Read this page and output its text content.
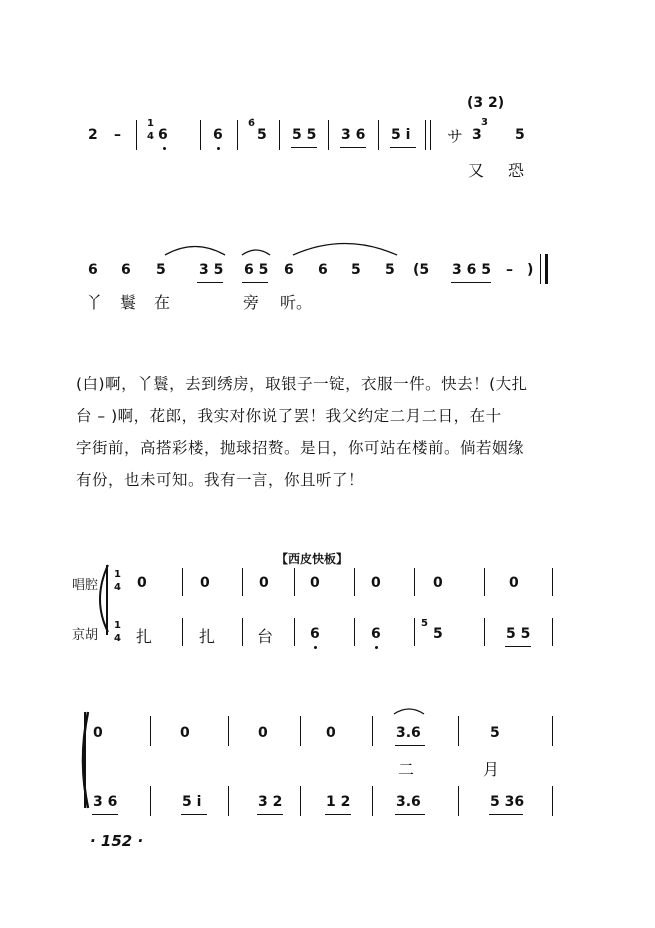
2 –
1
4 6	6
6̇
5 5 5 3 6 5 i サ
(3 2)
3
3
5
又 恐
6 6 5 3 5 6 5 6 6 5 5 (5 3 6 5 – )
丫 鬟 在	旁 听。
(白)啊，丫鬟，去到绣房，取银子一锭，衣服一件。快去！(大扎
台 – )啊，花郎，我实对你说了罢！我父约定二月二日，在十
字街前，高搭彩楼，抛球招赘。是日，你可站在楼前。倘若姻缘
有份，也未可知。我有一言，你且听了！
【西皮快板】
唱腔
京胡
1
4
1
4
0	0	0	0	0	0	0
扎	扎	台	6	6
5
5	5 5
0	0	0	0	3.6	5
二	月
3 6	5 i	3 2	1 2	3.6	5 36
· 152 ·
